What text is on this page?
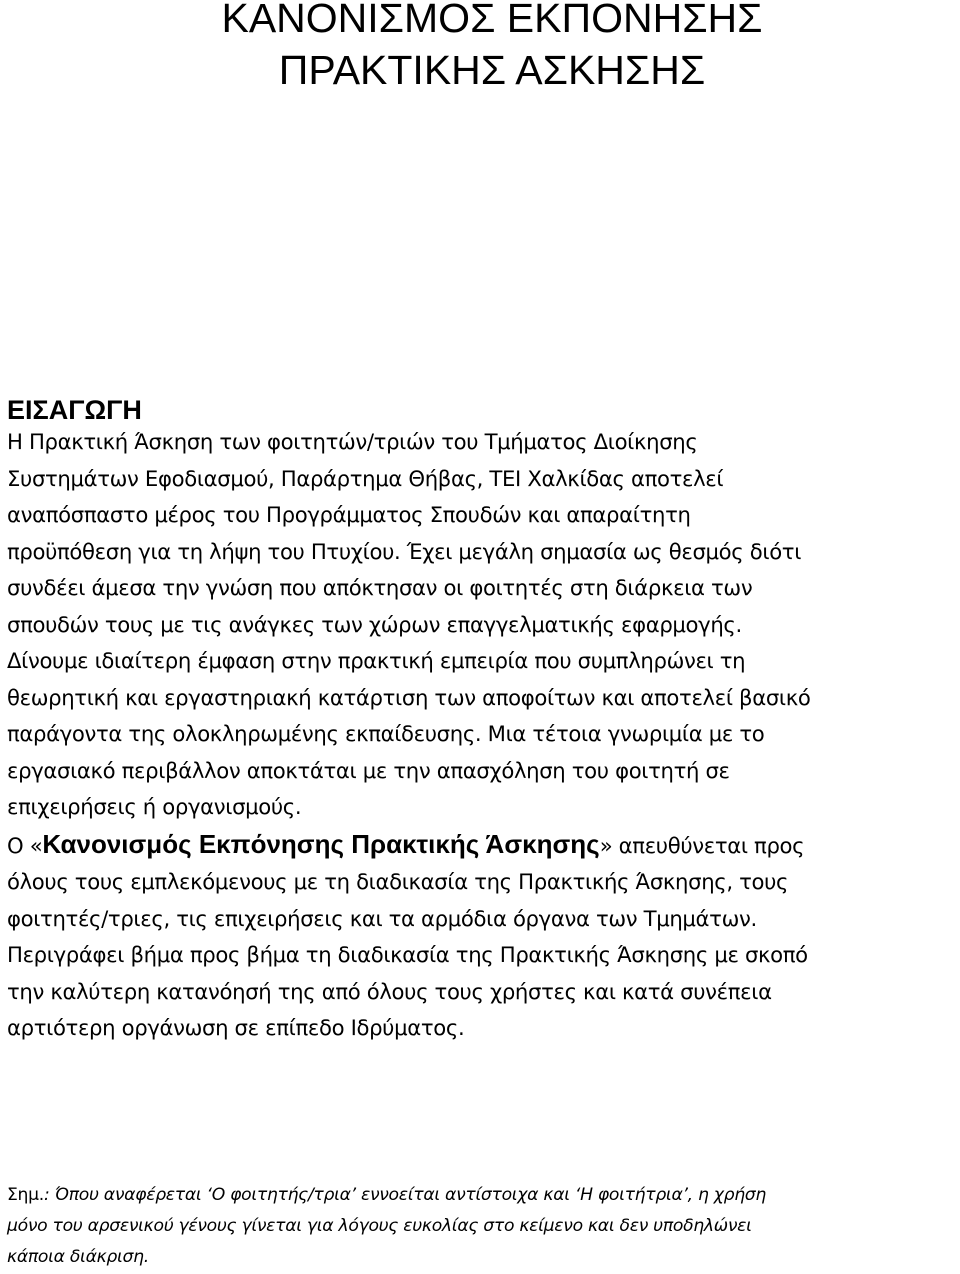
ΚΑΝΟΝΙΣΜΟΣ ΕΚΠΟΝΗΣΗΣ
ΠΡΑΚΤΙΚΗΣ ΑΣΚΗΣΗΣ
ΕΙΣΑΓΩΓΗ
Η Πρακτική Άσκηση των φοιτητών/τριών του Τμήματος Διοίκησης
Συστημάτων Εφοδιασμού, Παράρτημα Θήβας, ΤΕΙ Χαλκίδας αποτελεί
αναπόσπαστο μέρος του Προγράμματος Σπουδών και απαραίτητη
προϋπόθεση για τη λήψη του Πτυχίου. Έχει μεγάλη σημασία ως θεσμός διότι
συνδέει άμεσα την γνώση που απόκτησαν οι φοιτητές στη διάρκεια των
σπουδών τους με τις ανάγκες των χώρων επαγγελματικής εφαρμογής.
Δίνουμε ιδιαίτερη έμφαση στην πρακτική εμπειρία που συμπληρώνει τη
θεωρητική και εργαστηριακή κατάρτιση των αποφοίτων και αποτελεί βασικό
παράγοντα της ολοκληρωμένης εκπαίδευσης. Μια τέτοια γνωριμία με το
εργασιακό περιβάλλον αποκτάται με την απασχόληση του φοιτητή σε
επιχειρήσεις ή οργανισμούς.
Ο «Κανονισμός Εκπόνησης Πρακτικής Άσκησης» απευθύνεται προς
όλους τους εμπλεκόμενους με τη διαδικασία της Πρακτικής Άσκησης, τους
φοιτητές/τριες, τις επιχειρήσεις και τα αρμόδια όργανα των Τμημάτων.
Περιγράφει βήμα προς βήμα τη διαδικασία της Πρακτικής Άσκησης με σκοπό
την καλύτερη κατανόησή της από όλους τους χρήστες και κατά συνέπεια
αρτιότερη οργάνωση σε επίπεδο Ιδρύματος.
Σημ.: Όπου αναφέρεται ‘Ο φοιτητής/τρια’ εννοείται αντίστοιχα και ‘Η φοιτήτρια’, η χρήση
μόνο του αρσενικού γένους γίνεται για λόγους ευκολίας στο κείμενο και δεν υποδηλώνει
κάποια διάκριση.
